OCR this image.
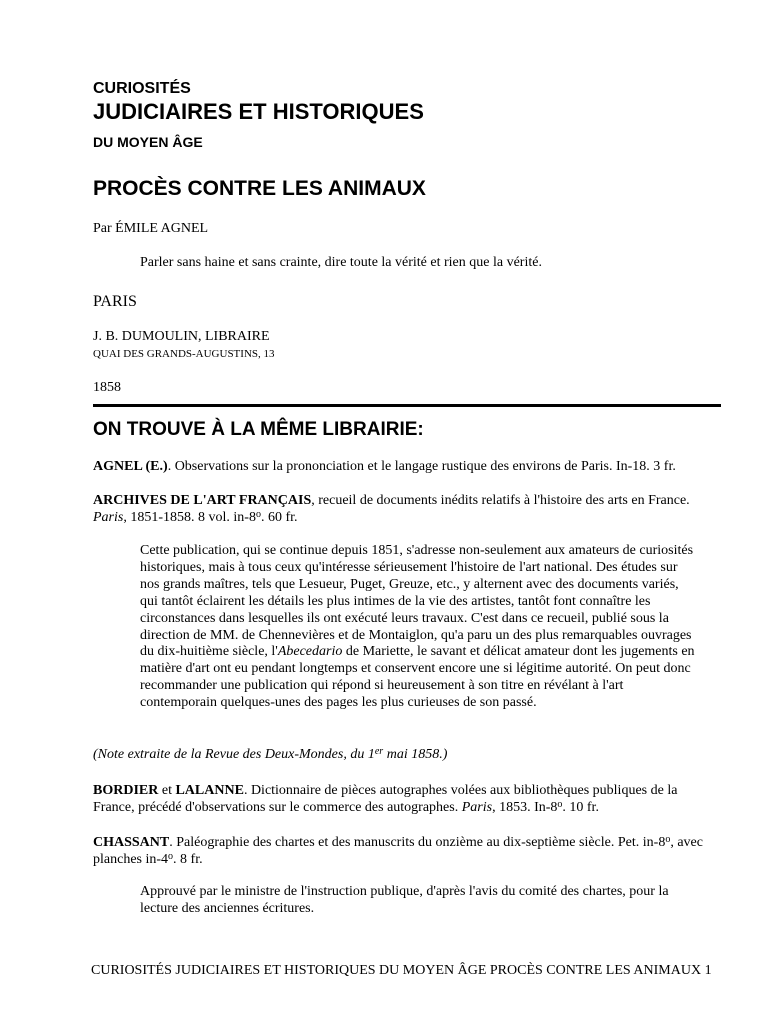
CURIOSITÉS
JUDICIAIRES ET HISTORIQUES
DU MOYEN ÂGE
PROCÈS CONTRE LES ANIMAUX
Par ÉMILE AGNEL
Parler sans haine et sans crainte, dire toute la vérité et rien que la vérité.
PARIS
J. B. DUMOULIN, LIBRAIRE
QUAI DES GRANDS-AUGUSTINS, 13
1858
ON TROUVE À LA MÊME LIBRAIRIE:
AGNEL (E.). Observations sur la prononciation et le langage rustique des environs de Paris. In-18. 3 fr.
ARCHIVES DE L'ART FRANÇAIS, recueil de documents inédits relatifs à l'histoire des arts en France. Paris, 1851-1858. 8 vol. in-8$^o$. 60 fr.
Cette publication, qui se continue depuis 1851, s'adresse non-seulement aux amateurs de curiosités historiques, mais à tous ceux qu'intéresse sérieusement l'histoire de l'art national. Des études sur nos grands maîtres, tels que Lesueur, Puget, Greuze, etc., y alternent avec des documents variés, qui tantôt éclairent les détails les plus intimes de la vie des artistes, tantôt font connaître les circonstances dans lesquelles ils ont exécuté leurs travaux. C'est dans ce recueil, publié sous la direction de MM. de Chennevières et de Montaiglon, qu'a paru un des plus remarquables ouvrages du dix-huitième siècle, l'Abecedario de Mariette, le savant et délicat amateur dont les jugements en matière d'art ont eu pendant longtemps et conservent encore une si légitime autorité. On peut donc recommander une publication qui répond si heureusement à son titre en révélant à l'art contemporain quelques-unes des pages les plus curieuses de son passé.
(Note extraite de la Revue des Deux-Mondes, du 1er mai 1858.)
BORDIER et LALANNE. Dictionnaire de pièces autographes volées aux bibliothèques publiques de la France, précédé d'observations sur le commerce des autographes. Paris, 1853. In-8$^o$. 10 fr.
CHASSANT. Paléographie des chartes et des manuscrits du onzième au dix-septième siècle. Pet. in-8$^o$, avec planches in-4$^o$. 8 fr.
Approuvé par le ministre de l'instruction publique, d'après l'avis du comité des chartes, pour la lecture des anciennes écritures.
CURIOSITÉS JUDICIAIRES ET HISTORIQUES DU MOYEN ÂGE PROCÈS CONTRE LES ANIMAUX 1
